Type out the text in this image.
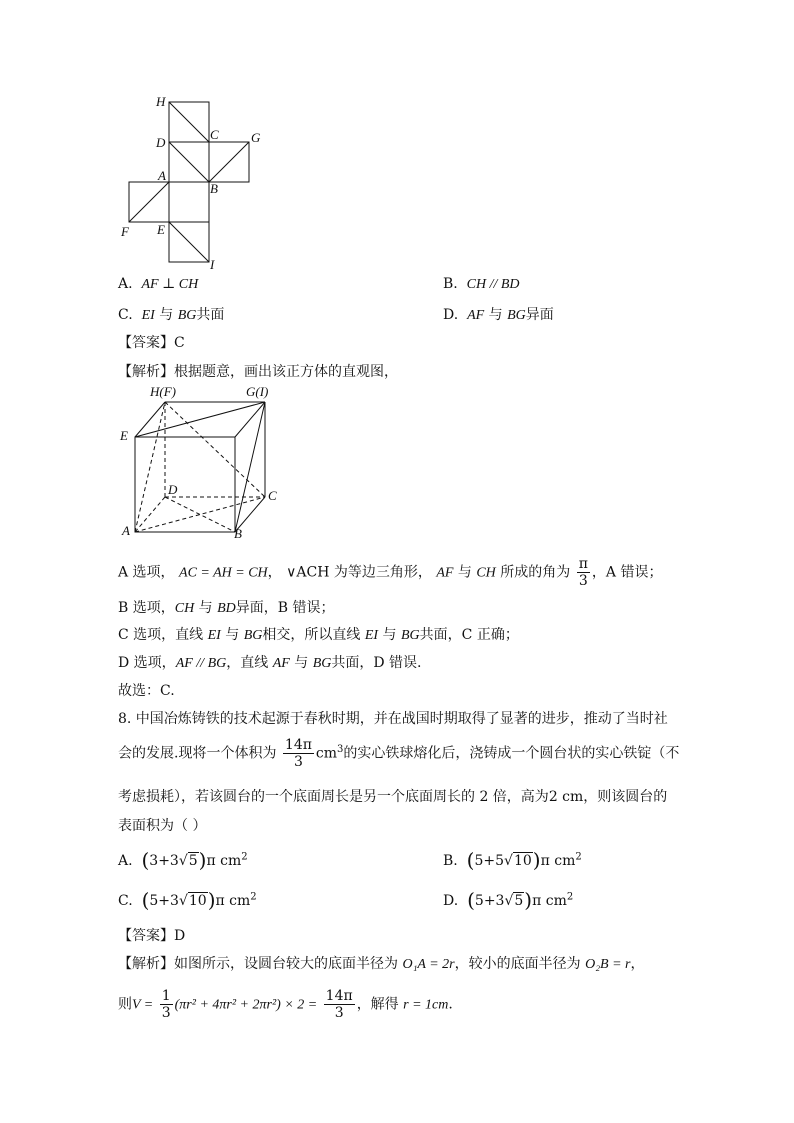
H
D
C G
A
B
F E
I
A. AF ⊥ CH	B. CH // BD
C. EI 与 BG共面	D. AF 与 BG异面
【答案】C
【解析】根据题意，画出该正方体的直观图，
H(F)	G(I)
E
D	C
A	B
A 选项， AC = AH = CH， ∨ACH 为等边三角形， AF 与 CH 所成的角为 $\frac{\pi}{3}$ ，A 错误；
B 选项，CH 与 BD异面，B 错误；
C 选项，直线 EI 与 BG相交，所以直线 EI 与 BG共面，C 正确；
D 选项，AF // BG，直线 AF 与 BG共面，D 错误.
故选：C.
8. 中国冶炼铸铁的技术起源于春秋时期，并在战国时期取得了显著的进步，推动了当时社
会的发展.现将一个体积为 $\frac{14\pi}{3} cm^3$的实心铁球熔化后，浇铸成一个圆台状的实心铁锭（不
考虑损耗），若该圆台的一个底面周长是另一个底面周长的 2 倍，高为2 cm，则该圆台的
表面积为（ ）
A. (3+3√5)π $cm^2$	B. (5+5√10)π $cm^2$
C. (5+3√10)π $cm^2$	D. (5+3√5)π $cm^2$
【答案】D
【解析】如图所示，设圆台较大的底面半径为 O₁A = 2r，较小的底面半径为 O₂B = r，
则$V = \frac{1}{3} (\pi r^2 + 4\pi r^2 + 2\pi r^2) \times 2 = \frac{14\pi}{3}$ ，解得 r = 1cm.
